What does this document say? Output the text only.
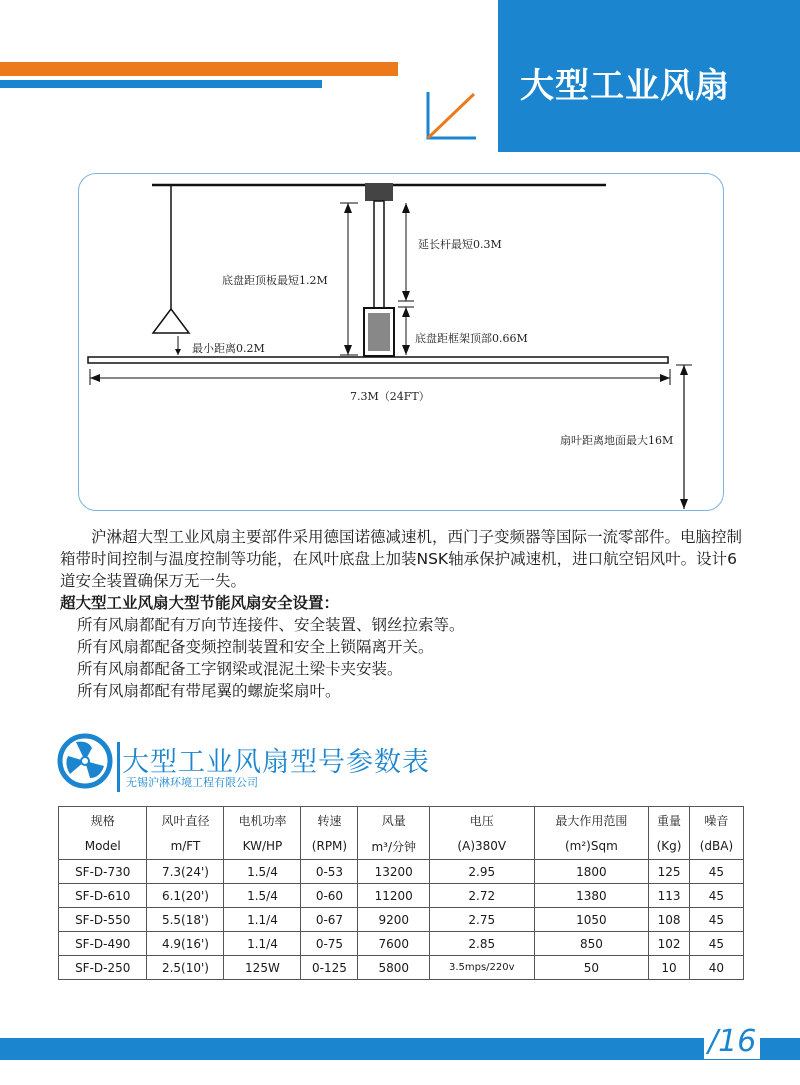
大型工业风扇
延长杆最短0.3M
底盘距顶板最短1.2M
最小距离0.2M
底盘距框架顶部0.66M
7.3M（24FT）
扇叶距离地面最大16M

沪淋超大型工业风扇主要部件采用德国诺德减速机，西门子变频器等国际一流零部件。电脑控制箱带时间控制与温度控制等功能，在风叶底盘上加装NSK轴承保护减速机，进口航空铝风叶。设计6道安全装置确保万无一失。

超大型工业风扇大型节能风扇安全设置：

所有风扇都配有万向节连接件、安全装置、钢丝拉索等。
所有风扇都配备变频控制装置和安全上锁隔离开关。
所有风扇都配备工字钢梁或混泥土梁卡夹安装。
所有风扇都配有带尾翼的螺旋桨扇叶。
大型工业风扇型号参数表
无锡沪淋环境工程有限公司
规格	风叶直径	电机功率	转速	风量	电压	最大作用范围	重量	噪音
Model	m/FT	KW/HP	(RPM)	m³/分钟	(A)380V	(m²)Sqm	(Kg)	(dBA)
SF-D-730	7.3(24')	1.5/4	0-53	13200	2.95	1800	125	45
SF-D-610	6.1(20')	1.5/4	0-60	11200	2.72	1380	113	45
SF-D-550	5.5(18')	1.1/4	0-67	9200	2.75	1050	108	45
SF-D-490	4.9(16')	1.1/4	0-75	7600	2.85	850	102	45
SF-D-250	2.5(10')	125W	0-125	5800	3.5mps/220v	50	10	40
/16
